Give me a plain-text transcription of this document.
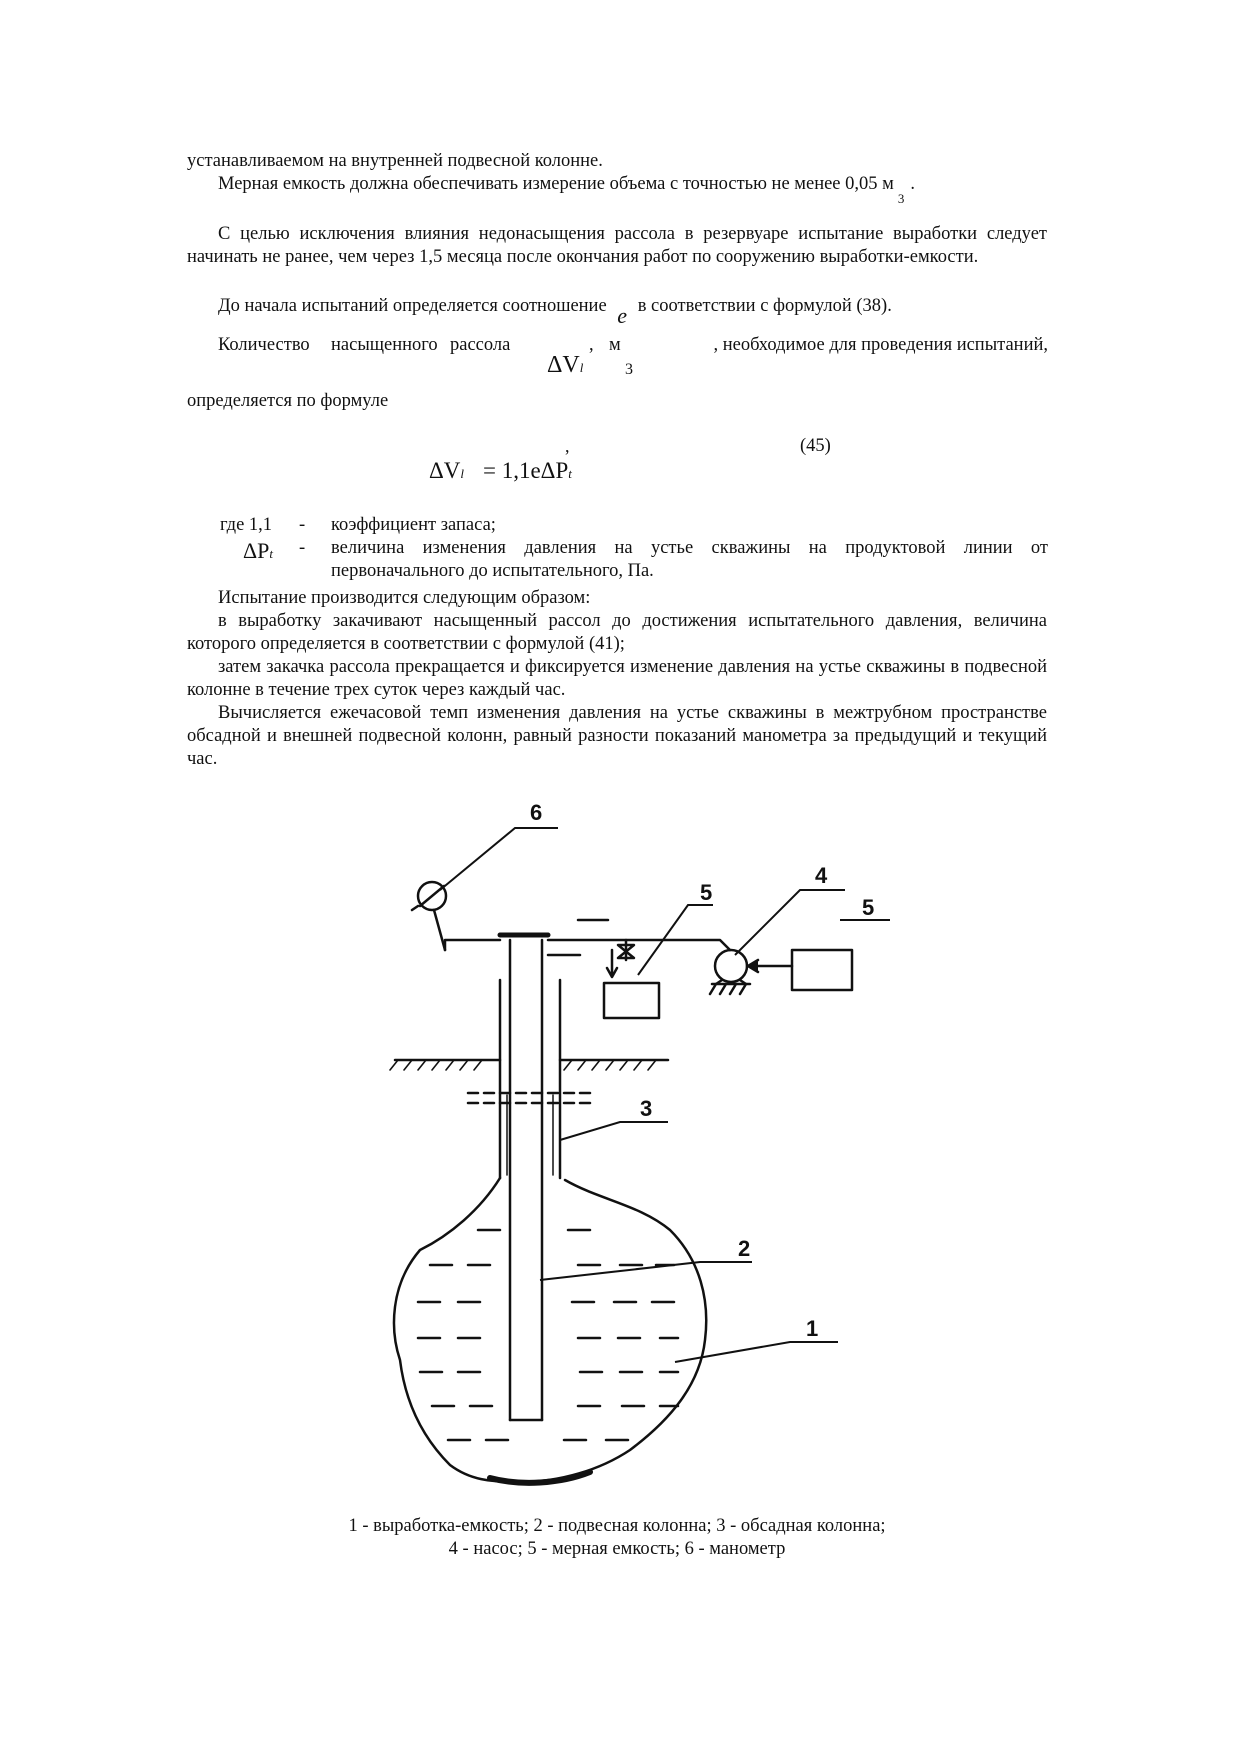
устанавливаемом на внутренней подвесной колонне.
Мерная емкость должна обеспечивать измерение объема с точностью не менее 0,05 $м_3$.
С целью исключения влияния недонасыщения рассола в резервуаре испытание выработки следует начинать не ранее, чем через 1,5 месяца после окончания работ по сооружению выработки-емкости.
До начала испытаний определяется соотношение e в соответствии с формулой (38).
Количество насыщенного рассола	, м	, необходимое для проведения испытаний,
ΔVl	3
определяется по формуле
ΔVl = 1,1eΔPt
,	(45)
где 1,1 - коэффициент запаса;
ΔPt - величина изменения давления на устье скважины на продуктовой линии от первоначального до испытательного, Па.
Испытание производится следующим образом:
в выработку закачивают насыщенный рассол до достижения испытательного давления, величина которого определяется в соответствии с формулой (41);
затем закачка рассола прекращается и фиксируется изменение давления на устье скважины в подвесной колонне в течение трех суток через каждый час.
Вычисляется ежечасовой темп изменения давления на устье скважины в межтрубном пространстве обсадной и внешней подвесной колонн, равный разности показаний манометра за предыдущий и текущий час.
6
5
4
5
3
2
1
1 - выработка-емкость; 2 - подвесная колонна; 3 - обсадная колонна;
4 - насос; 5 - мерная емкость; 6 - манометр
